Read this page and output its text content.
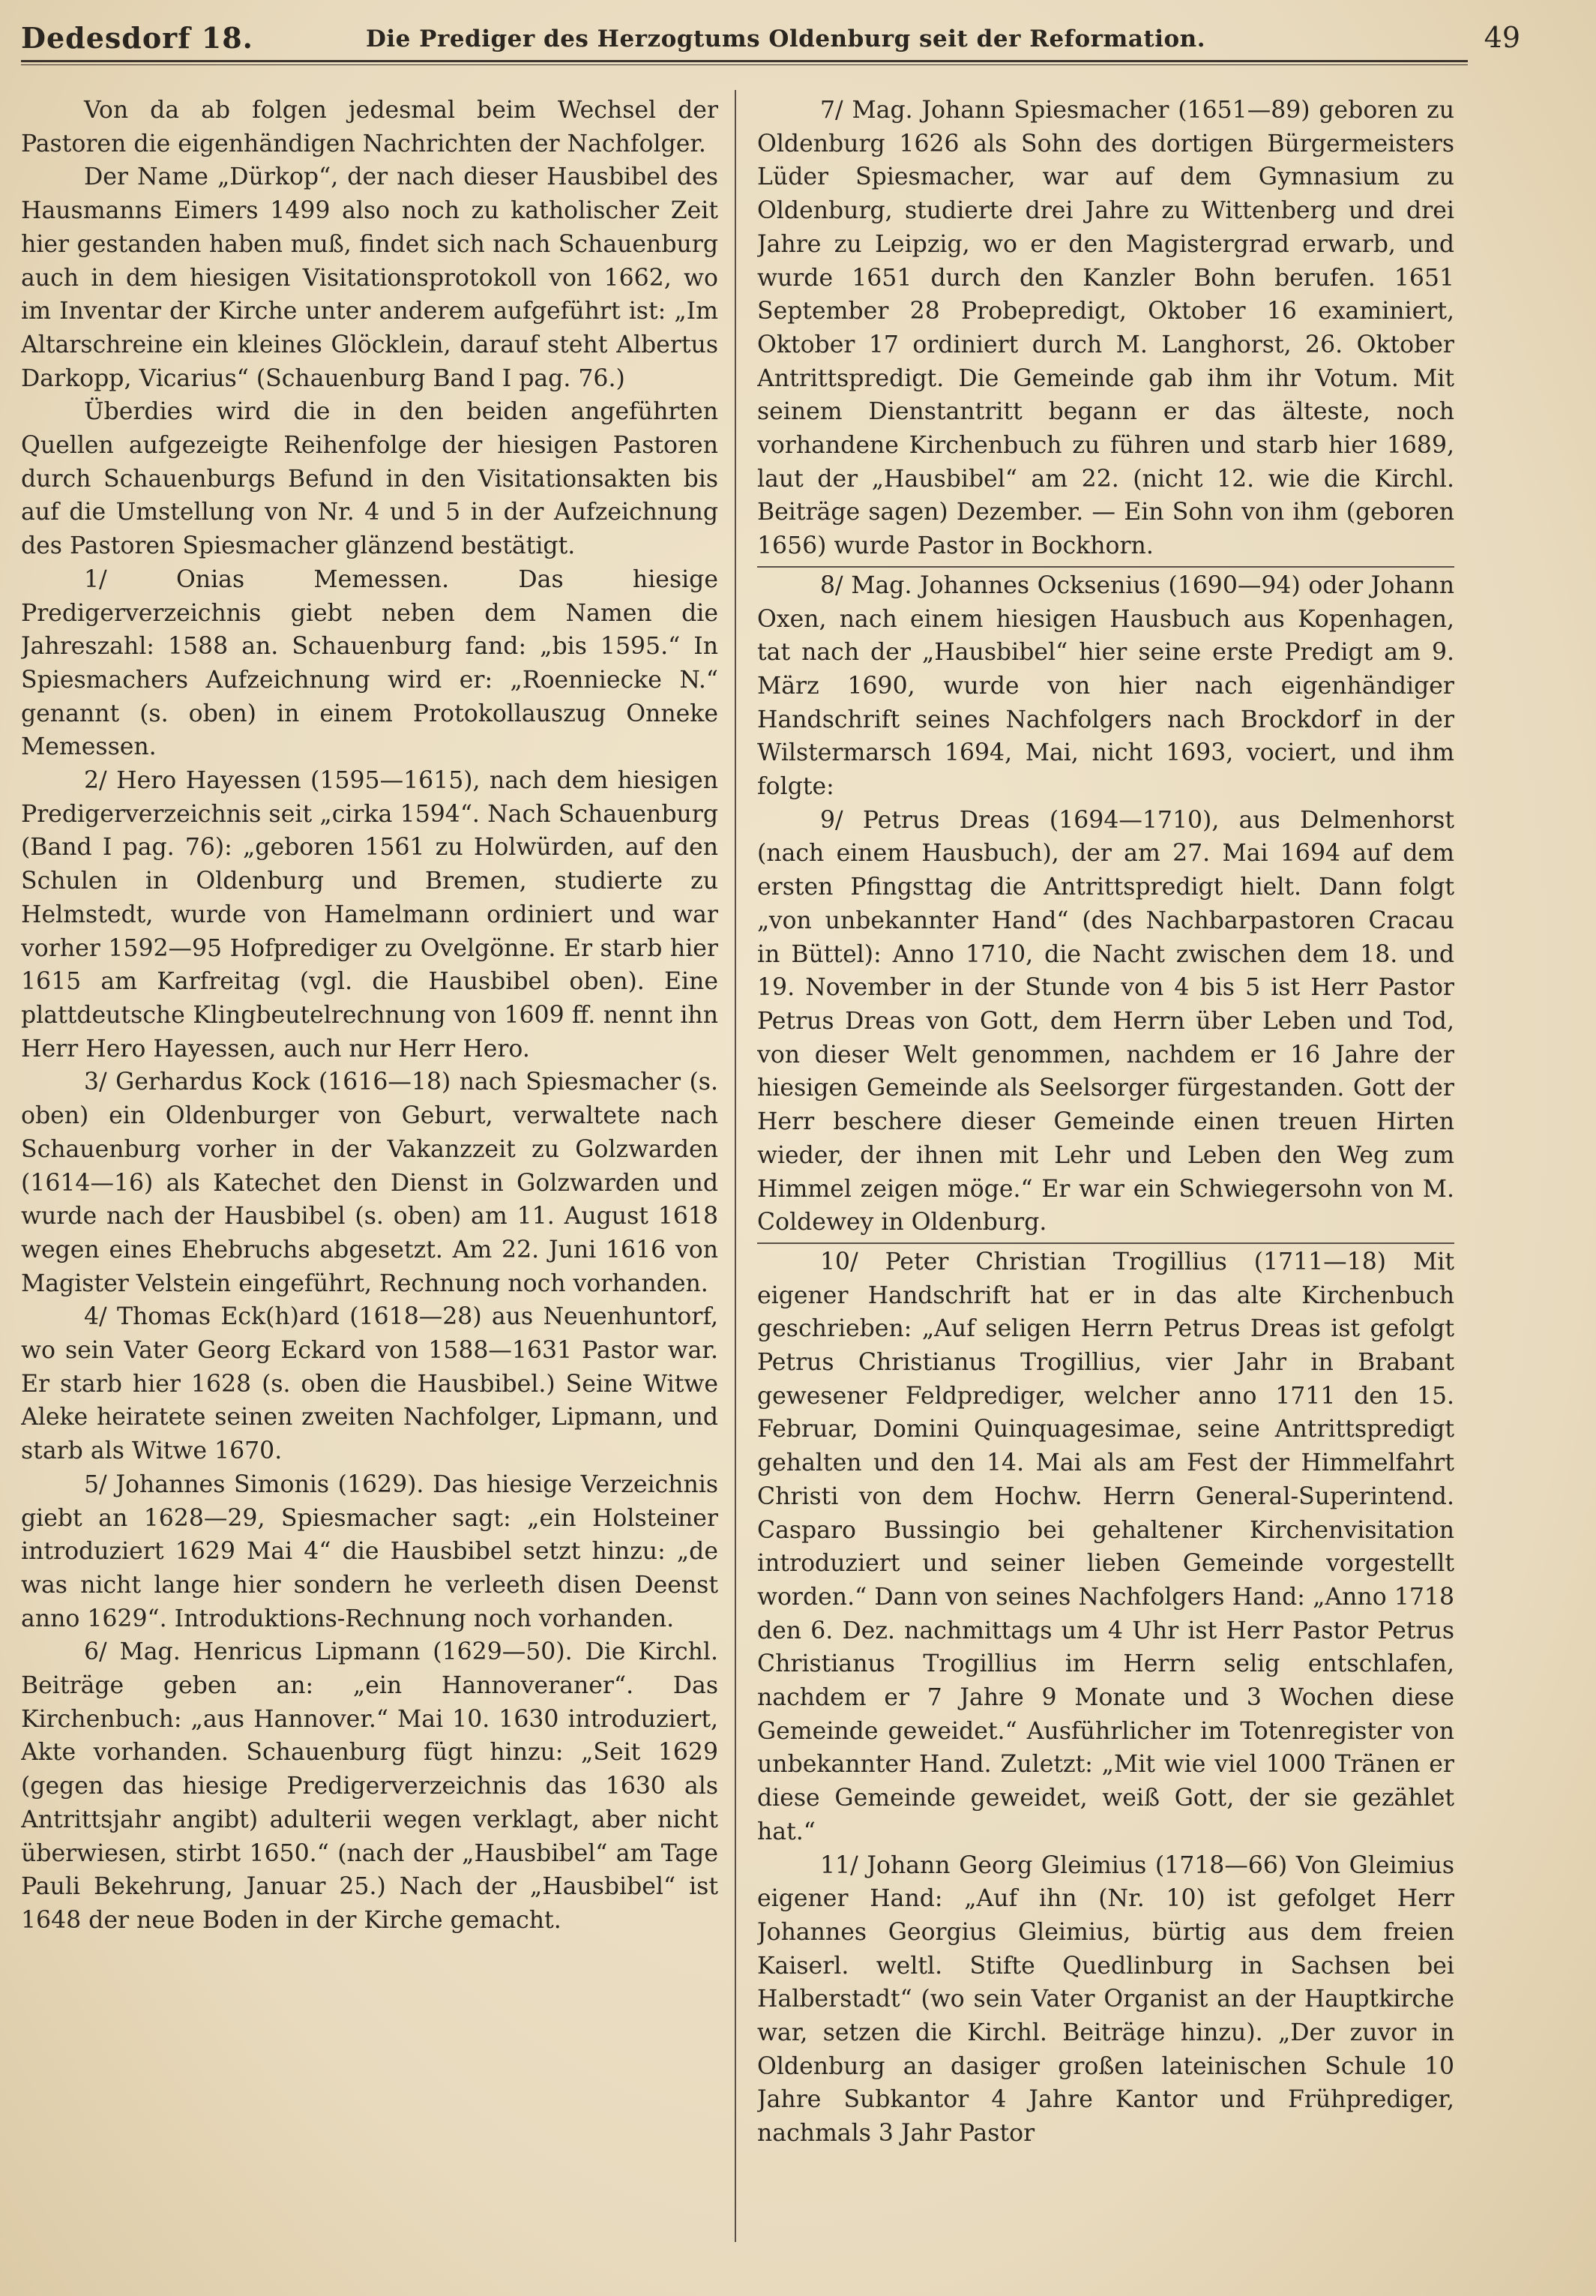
Dedesdorf 18.	Die Prediger des Herzogtums Oldenburg seit der Reformation.	49

Von da ab folgen jedesmal beim Wechsel der Pastoren die eigenhändigen Nachrichten der Nachfolger.

Der Name „Dürkop“, der nach dieser Hausbibel des Hausmanns Eimers 1499 also noch zu katholischer Zeit hier gestanden haben muß, findet sich nach Schauenburg auch in dem hiesigen Visitationsprotokoll von 1662, wo im Inventar der Kirche unter anderem aufgeführt ist: „Im Altarschreine ein kleines Glöcklein, darauf steht Albertus Darkopp, Vicarius“ (Schauenburg Band I pag. 76.)

Überdies wird die in den beiden angeführten Quellen aufgezeigte Reihenfolge der hiesigen Pastoren durch Schauenburgs Befund in den Visitationsakten bis auf die Umstellung von Nr. 4 und 5 in der Aufzeichnung des Pastoren Spiesmacher glänzend bestätigt.

1/ Onias Memessen. Das hiesige Predigerverzeichnis giebt neben dem Namen die Jahreszahl: 1588 an. Schauenburg fand: „bis 1595.“ In Spiesmachers Aufzeichnung wird er: „Roenniecke N.“ genannt (s. oben) in einem Protokollauszug Onneke Memessen.

2/ Hero Hayessen (1595—1615), nach dem hiesigen Predigerverzeichnis seit „cirka 1594“. Nach Schauenburg (Band I pag. 76): „geboren 1561 zu Holwürden, auf den Schulen in Oldenburg und Bremen, studierte zu Helmstedt, wurde von Hamelmann ordiniert und war vorher 1592—95 Hofprediger zu Ovelgönne. Er starb hier 1615 am Karfreitag (vgl. die Hausbibel oben). Eine plattdeutsche Klingbeutelrechnung von 1609 ff. nennt ihn Herr Hero Hayessen, auch nur Herr Hero.

3/ Gerhardus Kock (1616—18) nach Spiesmacher (s. oben) ein Oldenburger von Geburt, verwaltete nach Schauenburg vorher in der Vakanzzeit zu Golzwarden (1614—16) als Katechet den Dienst in Golzwarden und wurde nach der Hausbibel (s. oben) am 11. August 1618 wegen eines Ehebruchs abgesetzt. Am 22. Juni 1616 von Magister Velstein eingeführt, Rechnung noch vorhanden.

4/ Thomas Eck(h)ard (1618—28) aus Neuenhuntorf, wo sein Vater Georg Eckard von 1588—1631 Pastor war. Er starb hier 1628 (s. oben die Hausbibel.) Seine Witwe Aleke heiratete seinen zweiten Nachfolger, Lipmann, und starb als Witwe 1670.

5/ Johannes Simonis (1629). Das hiesige Verzeichnis giebt an 1628—29, Spiesmacher sagt: „ein Holsteiner introduziert 1629 Mai 4“ die Hausbibel setzt hinzu: „de was nicht lange hier sondern he verleeth disen Deenst anno 1629“. Introduktions-Rechnung noch vorhanden.

6/ Mag. Henricus Lipmann (1629—50). Die Kirchl. Beiträge geben an: „ein Hannoveraner“. Das Kirchenbuch: „aus Hannover.“ Mai 10. 1630 introduziert, Akte vorhanden. Schauenburg fügt hinzu: „Seit 1629 (gegen das hiesige Predigerverzeichnis das 1630 als Antrittsjahr angibt) adulterii wegen verklagt, aber nicht überwiesen, stirbt 1650.“ (nach der „Hausbibel“ am Tage Pauli Bekehrung, Januar 25.) Nach der „Hausbibel“ ist 1648 der neue Boden in der Kirche gemacht.

7/ Mag. Johann Spiesmacher (1651—89) geboren zu Oldenburg 1626 als Sohn des dortigen Bürgermeisters Lüder Spiesmacher, war auf dem Gymnasium zu Oldenburg, studierte drei Jahre zu Wittenberg und drei Jahre zu Leipzig, wo er den Magistergrad erwarb, und wurde 1651 durch den Kanzler Bohn berufen. 1651 September 28 Probepredigt, Oktober 16 examiniert, Oktober 17 ordiniert durch M. Langhorst, 26. Oktober Antrittspredigt. Die Gemeinde gab ihm ihr Votum. Mit seinem Dienstantritt begann er das älteste, noch vorhandene Kirchenbuch zu führen und starb hier 1689, laut der „Hausbibel“ am 22. (nicht 12. wie die Kirchl. Beiträge sagen) Dezember. — Ein Sohn von ihm (geboren 1656) wurde Pastor in Bockhorn.

8/ Mag. Johannes Ocksenius (1690—94) oder Johann Oxen, nach einem hiesigen Hausbuch aus Kopenhagen, tat nach der „Hausbibel“ hier seine erste Predigt am 9. März 1690, wurde von hier nach eigenhändiger Handschrift seines Nachfolgers nach Brockdorf in der Wilstermarsch 1694, Mai, nicht 1693, vociert, und ihm folgte:

9/ Petrus Dreas (1694—1710), aus Delmenhorst (nach einem Hausbuch), der am 27. Mai 1694 auf dem ersten Pfingsttag die Antrittspredigt hielt. Dann folgt „von unbekannter Hand“ (des Nachbarpastoren Cracau in Büttel): Anno 1710, die Nacht zwischen dem 18. und 19. November in der Stunde von 4 bis 5 ist Herr Pastor Petrus Dreas von Gott, dem Herrn über Leben und Tod, von dieser Welt genommen, nachdem er 16 Jahre der hiesigen Gemeinde als Seelsorger fürgestanden. Gott der Herr beschere dieser Gemeinde einen treuen Hirten wieder, der ihnen mit Lehr und Leben den Weg zum Himmel zeigen möge.“ Er war ein Schwiegersohn von M. Coldewey in Oldenburg.

10/ Peter Christian Trogillius (1711—18) Mit eigener Handschrift hat er in das alte Kirchenbuch geschrieben: „Auf seligen Herrn Petrus Dreas ist gefolgt Petrus Christianus Trogillius, vier Jahr in Brabant gewesener Feldprediger, welcher anno 1711 den 15. Februar, Domini Quinquagesimae, seine Antrittspredigt gehalten und den 14. Mai als am Fest der Himmelfahrt Christi von dem Hochw. Herrn General-Superintend. Casparo Bussingio bei gehaltener Kirchenvisitation introduziert und seiner lieben Gemeinde vorgestellt worden.“ Dann von seines Nachfolgers Hand: „Anno 1718 den 6. Dez. nachmittags um 4 Uhr ist Herr Pastor Petrus Christianus Trogillius im Herrn selig entschlafen, nachdem er 7 Jahre 9 Monate und 3 Wochen diese Gemeinde geweidet.“ Ausführlicher im Totenregister von unbekannter Hand. Zuletzt: „Mit wie viel 1000 Tränen er diese Gemeinde geweidet, weiß Gott, der sie gezählet hat.“

11/ Johann Georg Gleimius (1718—66) Von Gleimius eigener Hand: „Auf ihn (Nr. 10) ist gefolget Herr Johannes Georgius Gleimius, bürtig aus dem freien Kaiserl. weltl. Stifte Quedlinburg in Sachsen bei Halberstadt“ (wo sein Vater Organist an der Hauptkirche war, setzen die Kirchl. Beiträge hinzu). „Der zuvor in Oldenburg an dasiger großen lateinischen Schule 10 Jahre Subkantor 4 Jahre Kantor und Frühprediger, nachmals 3 Jahr Pastor
